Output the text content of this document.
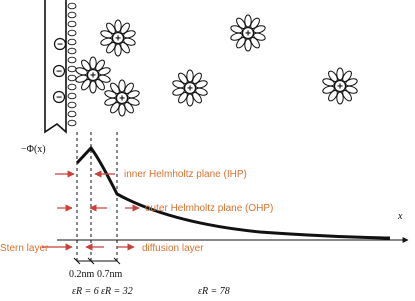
−
−
−
+	+
+
+
+	+
−Φ(x)
x
inner Helmholtz plane (IHP)
outer Helmholtz plane (OHP)
Stern layer	diffusion layer
0.2nm 0.7nm
εR = 6 εR = 32	εR = 78
